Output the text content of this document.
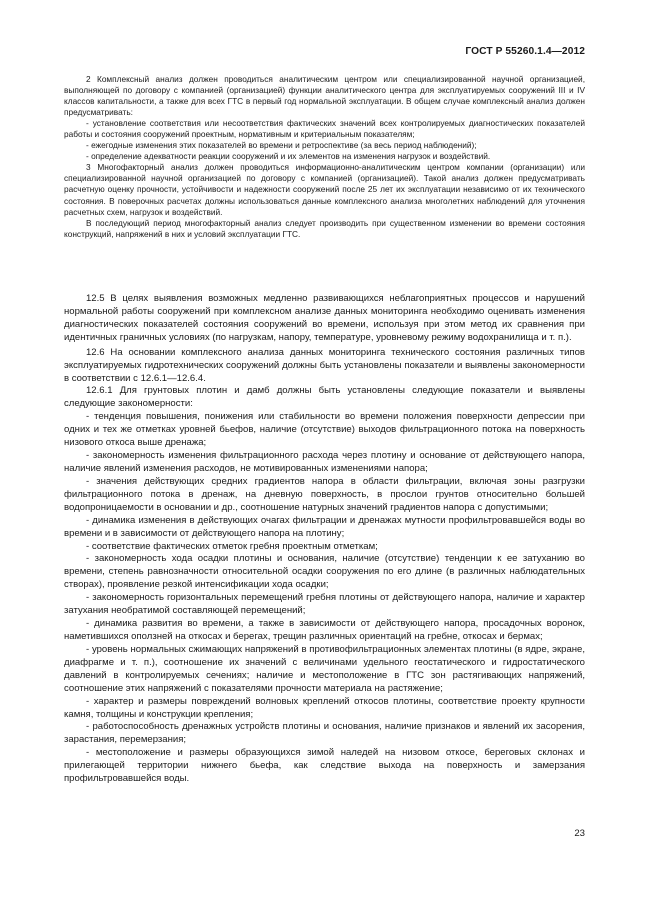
ГОСТ Р 55260.1.4—2012

2 Комплексный анализ должен проводиться аналитическим центром или специализированной научной организацией, выполняющей по договору с компанией (организацией) функции аналитического центра для эксплуатируемых сооружений III и IV классов капитальности, а также для всех ГТС в первый год нормальной эксплуатации. В общем случае комплексный анализ должен предусматривать:

- установление соответствия или несоответствия фактических значений всех контролируемых диагностических показателей работы и состояния сооружений проектным, нормативным и критериальным показателям;

- ежегодные изменения этих показателей во времени и ретроспективе (за весь период наблюдений);

- определение адекватности реакции сооружений и их элементов на изменения нагрузок и воздействий.

3 Многофакторный анализ должен проводиться информационно-аналитическим центром компании (организации) или специализированной научной организацией по договору с компанией (организацией). Такой анализ должен предусматривать расчетную оценку прочности, устойчивости и надежности сооружений после 25 лет их эксплуатации независимо от их технического состояния. В поверочных расчетах должны использоваться данные комплексного анализа многолетних наблюдений для уточнения расчетных схем, нагрузок и воздействий.

В последующий период многофакторный анализ следует производить при существенном изменении во времени состояния конструкций, напряжений в них и условий эксплуатации ГТС.

12.5 В целях выявления возможных медленно развивающихся неблагоприятных процессов и нарушений нормальной работы сооружений при комплексном анализе данных мониторинга необходимо оценивать изменения диагностических показателей состояния сооружений во времени, используя при этом метод их сравнения при идентичных граничных условиях (по нагрузкам, напору, температуре, уровневому режиму водохранилища и т. п.).

12.6 На основании комплексного анализа данных мониторинга технического состояния различных типов эксплуатируемых гидротехнических сооружений должны быть установлены показатели и выявлены закономерности в соответствии с 12.6.1—12.6.4.

12.6.1 Для грунтовых плотин и дамб должны быть установлены следующие показатели и выявлены следующие закономерности:

- тенденция повышения, понижения или стабильности во времени положения поверхности депрессии при одних и тех же отметках уровней бьефов, наличие (отсутствие) выходов фильтрационного потока на поверхность низового откоса выше дренажа;

- закономерность изменения фильтрационного расхода через плотину и основание от действующего напора, наличие явлений изменения расходов, не мотивированных изменениями напора;

- значения действующих средних градиентов напора в области фильтрации, включая зоны разгрузки фильтрационного потока в дренаж, на дневную поверхность, в прослои грунтов относительно большей водопроницаемости в основании и др., соотношение натурных значений градиентов напора с допустимыми;

- динамика изменения в действующих очагах фильтрации и дренажах мутности профильтровавшейся воды во времени и в зависимости от действующего напора на плотину;

- соответствие фактических отметок гребня проектным отметкам;

- закономерность хода осадки плотины и основания, наличие (отсутствие) тенденции к ее затуханию во времени, степень равнозначности относительной осадки сооружения по его длине (в различных наблюдательных створах), проявление резкой интенсификации хода осадки;

- закономерность горизонтальных перемещений гребня плотины от действующего напора, наличие и характер затухания необратимой составляющей перемещений;

- динамика развития во времени, а также в зависимости от действующего напора, просадочных воронок, наметившихся оползней на откосах и берегах, трещин различных ориентаций на гребне, откосах и бермах;

- уровень нормальных сжимающих напряжений в противофильтрационных элементах плотины (в ядре, экране, диафрагме и т. п.), соотношение их значений с величинами удельного геостатического и гидростатического давлений в контролируемых сечениях; наличие и местоположение в ГТС зон растягивающих напряжений, соотношение этих напряжений с показателями прочности материала на растяжение;

- характер и размеры повреждений волновых креплений откосов плотины, соответствие проекту крупности камня, толщины и конструкции крепления;

- работоспособность дренажных устройств плотины и основания, наличие признаков и явлений их засорения, зарастания, перемерзания;

- местоположение и размеры образующихся зимой наледей на низовом откосе, береговых склонах и прилегающей территории нижнего бьефа, как следствие выхода на поверхность и замерзания профильтровавшейся воды.

23
